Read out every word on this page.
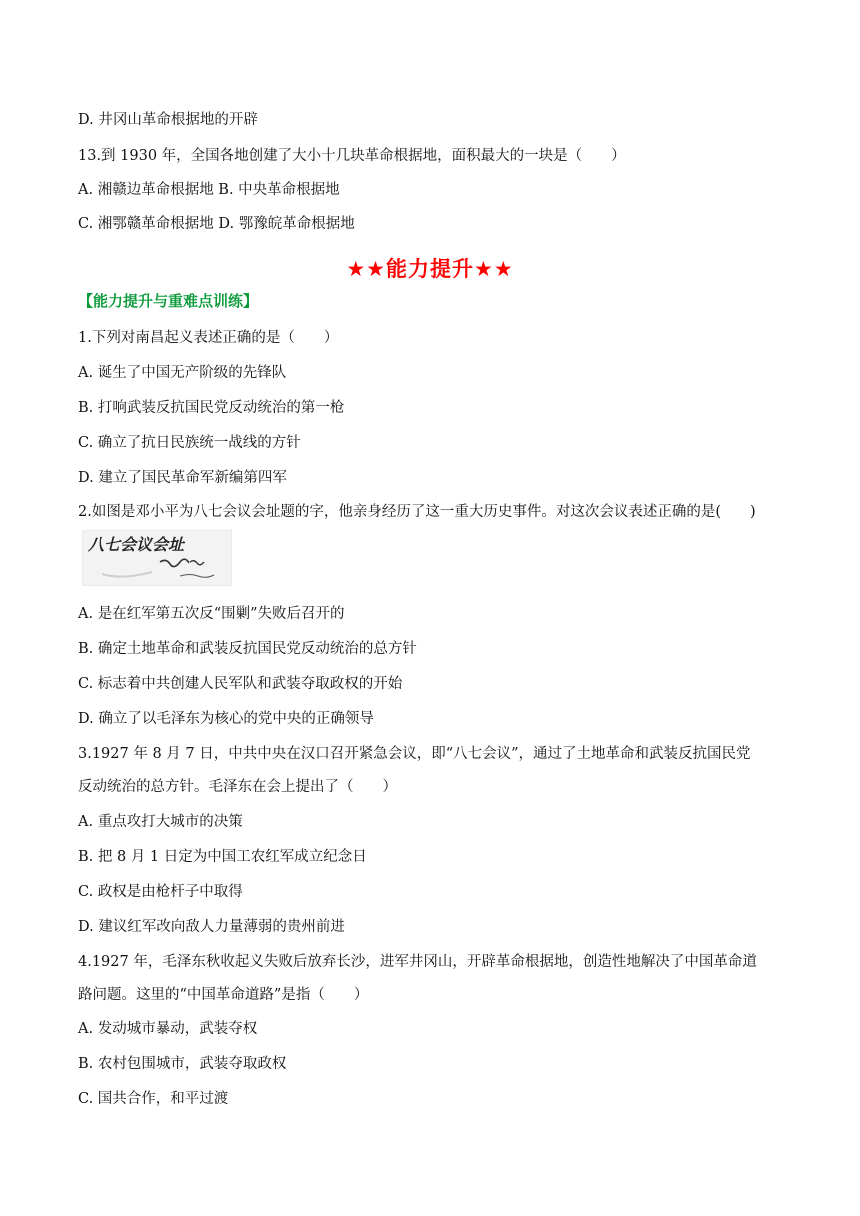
D. 井冈山革命根据地的开辟
13.到 1930 年，全国各地创建了大小十几块革命根据地，面积最大的一块是（　　）
A. 湘赣边革命根据地 B. 中央革命根据地
C. 湘鄂赣革命根据地 D. 鄂豫皖革命根据地
★★能力提升★★
【能力提升与重难点训练】
1.下列对南昌起义表述正确的是（　　）
A. 诞生了中国无产阶级的先锋队
B. 打响武装反抗国民党反动统治的第一枪
C. 确立了抗日民族统一战线的方针
D. 建立了国民革命军新编第四军
2.如图是邓小平为八七会议会址题的字，他亲身经历了这一重大历史事件。对这次会议表述正确的是(　　)
八七会议会址
A. 是在红军第五次反“围剿”失败后召开的
B. 确定土地革命和武装反抗国民党反动统治的总方针
C. 标志着中共创建人民军队和武装夺取政权的开始
D. 确立了以毛泽东为核心的党中央的正确领导
3.1927 年 8 月 7 日，中共中央在汉口召开紧急会议，即“八七会议”，通过了土地革命和武装反抗国民党
反动统治的总方针。毛泽东在会上提出了（　　）
A. 重点攻打大城市的决策
B. 把 8 月 1 日定为中国工农红军成立纪念日
C. 政权是由枪杆子中取得
D. 建议红军改向敌人力量薄弱的贵州前进
4.1927 年，毛泽东秋收起义失败后放弃长沙，进军井冈山，开辟革命根据地，创造性地解决了中国革命道
路问题。这里的“中国革命道路”是指（　　）
A. 发动城市暴动，武装夺权
B. 农村包围城市，武装夺取政权
C. 国共合作，和平过渡
